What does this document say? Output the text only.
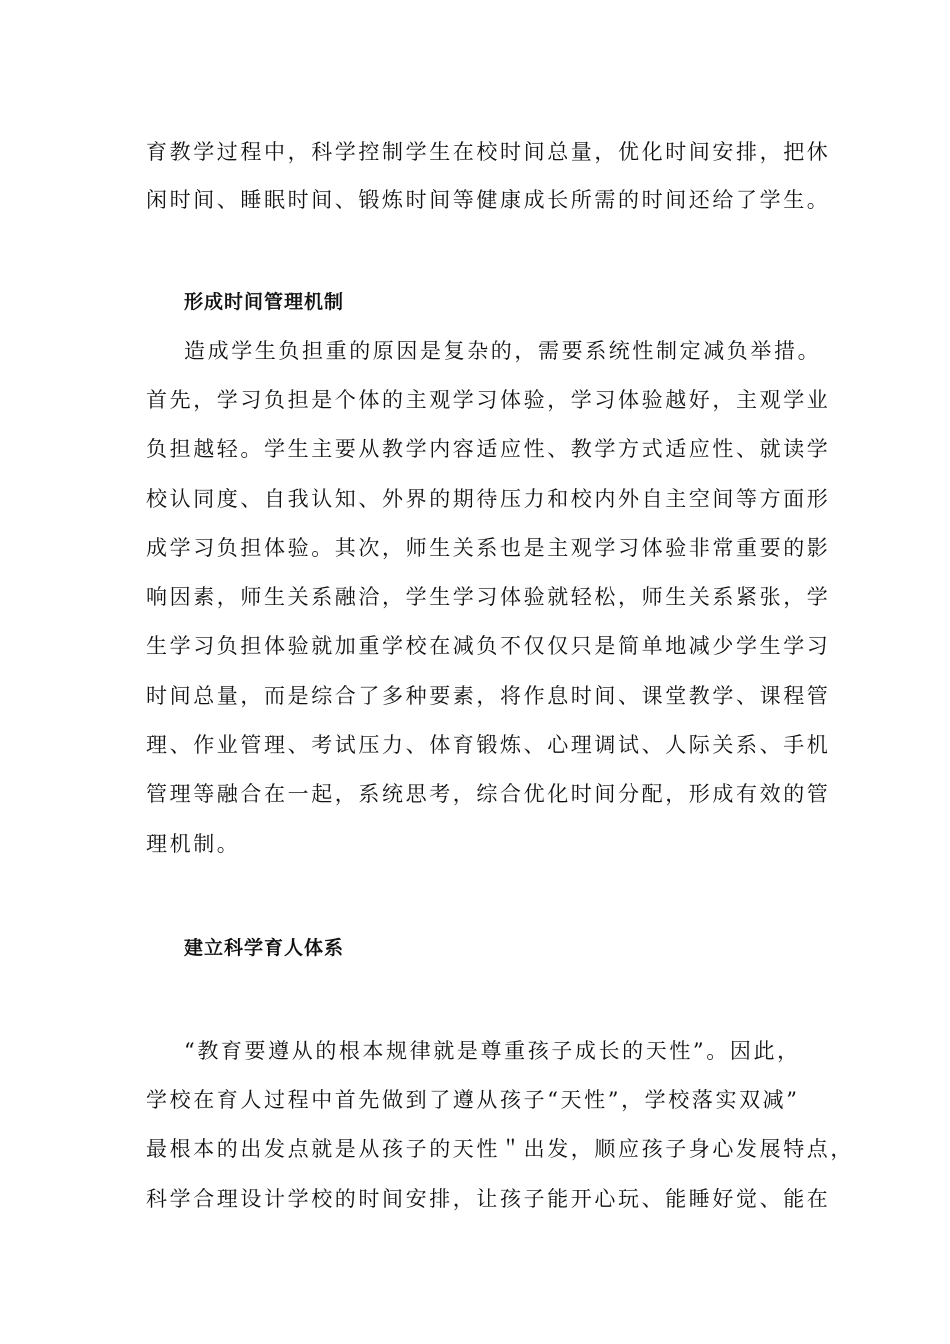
育教学过程中，科学控制学生在校时间总量，优化时间安排，把休
闲时间、睡眠时间、锻炼时间等健康成长所需的时间还给了学生。
形成时间管理机制
造成学生负担重的原因是复杂的，需要系统性制定减负举措。
首先，学习负担是个体的主观学习体验，学习体验越好，主观学业
负担越轻。学生主要从教学内容适应性、教学方式适应性、就读学
校认同度、自我认知、外界的期待压力和校内外自主空间等方面形
成学习负担体验。其次，师生关系也是主观学习体验非常重要的影
响因素，师生关系融洽，学生学习体验就轻松，师生关系紧张，学
生学习负担体验就加重学校在减负不仅仅只是简单地减少学生学习
时间总量，而是综合了多种要素，将作息时间、课堂教学、课程管
理、作业管理、考试压力、体育锻炼、心理调试、人际关系、手机
管理等融合在一起，系统思考，综合优化时间分配，形成有效的管
理机制。
建立科学育人体系
“教育要遵从的根本规律就是尊重孩子成长的天性”。因此，
学校在育人过程中首先做到了遵从孩子“天性”，学校落实双减”
最根本的出发点就是从孩子的天性＂出发，顺应孩子身心发展特点，
科学合理设计学校的时间安排，让孩子能开心玩、能睡好觉、能在
